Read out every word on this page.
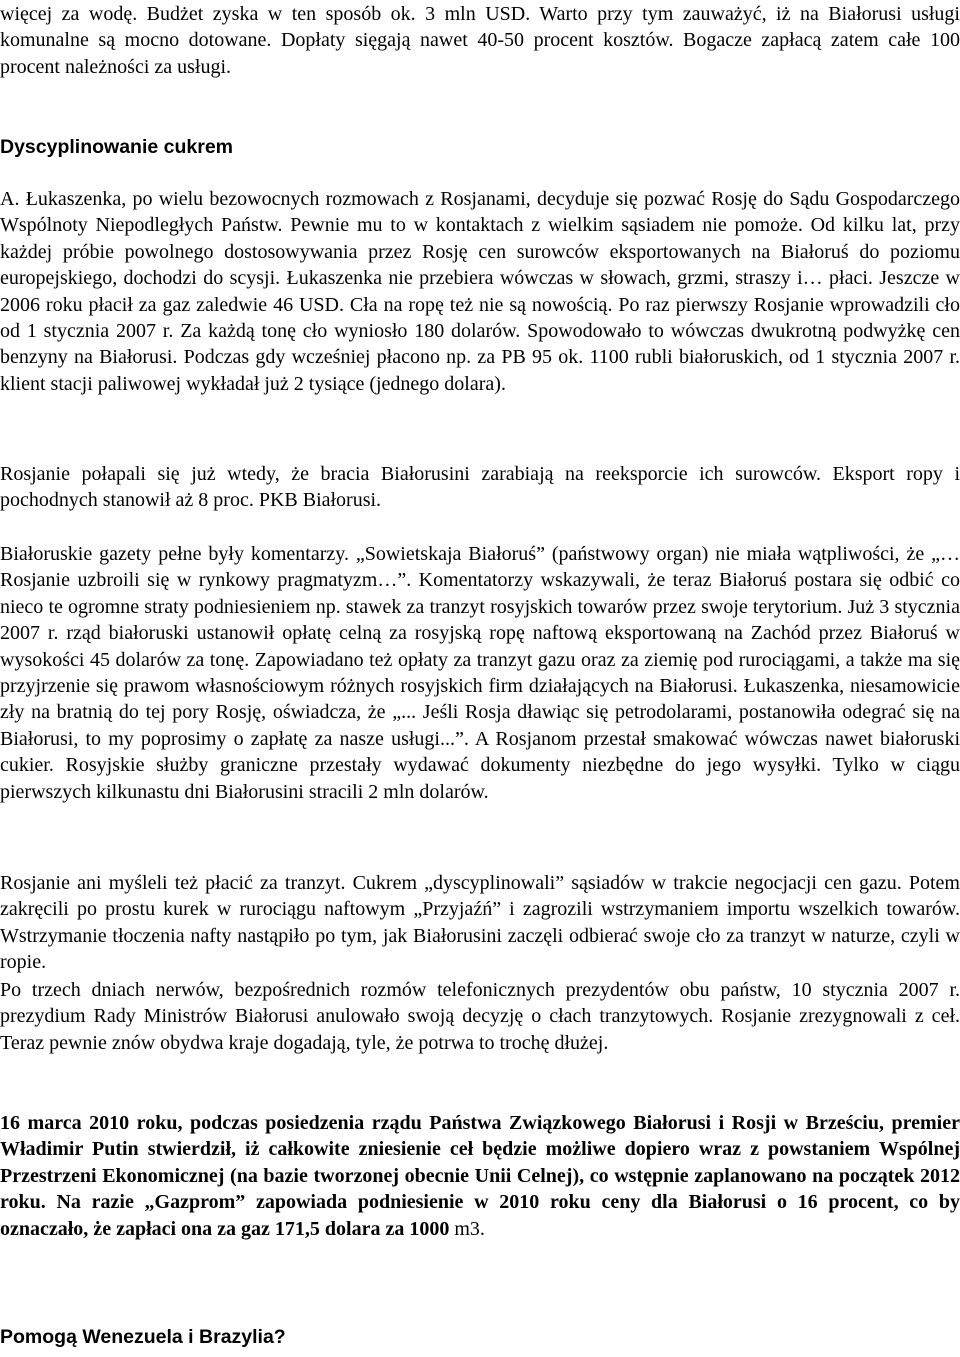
więcej za wodę. Budżet zyska w ten sposób ok. 3 mln USD. Warto przy tym zauważyć, iż na Białorusi usługi komunalne są mocno dotowane. Dopłaty sięgają nawet 40-50 procent kosztów. Bogacze zapłacą zatem całe 100 procent należności za usługi.

Dyscyplinowanie cukrem

A. Łukaszenka, po wielu bezowocnych rozmowach z Rosjanami, decyduje się pozwać Rosję do Sądu Gospodarczego Wspólnoty Niepodległych Państw. Pewnie mu to w kontaktach z wielkim sąsiadem nie pomoże. Od kilku lat, przy każdej próbie powolnego dostosowywania przez Rosję cen surowców eksportowanych na Białoruś do poziomu europejskiego, dochodzi do scysji. Łukaszenka nie przebiera wówczas w słowach, grzmi, straszy i… płaci. Jeszcze w 2006 roku płacił za gaz zaledwie 46 USD. Cła na ropę też nie są nowością. Po raz pierwszy Rosjanie wprowadzili cło od 1 stycznia 2007 r. Za każdą tonę cło wyniosło 180 dolarów. Spowodowało to wówczas dwukrotną podwyżkę cen benzyny na Białorusi. Podczas gdy wcześniej płacono np. za PB 95 ok. 1100 rubli białoruskich, od 1 stycznia 2007 r. klient stacji paliwowej wykładał już 2 tysiące (jednego dolara).

Rosjanie połapali się już wtedy, że bracia Białorusini zarabiają na reeksporcie ich surowców. Eksport ropy i pochodnych stanowił aż 8 proc. PKB Białorusi.

Białoruskie gazety pełne były komentarzy. „Sowietskaja Białoruś” (państwowy organ) nie miała wątpliwości, że „…Rosjanie uzbroili się w rynkowy pragmatyzm…”. Komentatorzy wskazywali, że teraz Białoruś postara się odbić co nieco te ogromne straty podniesieniem np. stawek za tranzyt rosyjskich towarów przez swoje terytorium. Już 3 stycznia 2007 r. rząd białoruski ustanowił opłatę celną za rosyjską ropę naftową eksportowaną na Zachód przez Białoruś w wysokości 45 dolarów za tonę. Zapowiadano też opłaty za tranzyt gazu oraz za ziemię pod rurociągami, a także ma się przyjrzenie się prawom własnościowym różnych rosyjskich firm działających na Białorusi. Łukaszenka, niesamowicie zły na bratnią do tej pory Rosję, oświadcza, że „... Jeśli Rosja dławiąc się petrodolarami, postanowiła odegrać się na Białorusi, to my poprosimy o zapłatę za nasze usługi...”. A Rosjanom przestał smakować wówczas nawet białoruski cukier. Rosyjskie służby graniczne przestały wydawać dokumenty niezbędne do jego wysyłki. Tylko w ciągu pierwszych kilkunastu dni Białorusini stracili 2 mln dolarów.

Rosjanie ani myśleli też płacić za tranzyt. Cukrem „dyscyplinowali” sąsiadów w trakcie negocjacji cen gazu. Potem zakręcili po prostu kurek w rurociągu naftowym „Przyjaźń” i zagrozili wstrzymaniem importu wszelkich towarów. Wstrzymanie tłoczenia nafty nastąpiło po tym, jak Białorusini zaczęli odbierać swoje cło za tranzyt w naturze, czyli w ropie.

Po trzech dniach nerwów, bezpośrednich rozmów telefonicznych prezydentów obu państw, 10 stycznia 2007 r. prezydium Rady Ministrów Białorusi anulowało swoją decyzję o cłach tranzytowych. Rosjanie zrezygnowali z ceł. Teraz pewnie znów obydwa kraje dogadają, tyle, że potrwa to trochę dłużej.

16 marca 2010 roku, podczas posiedzenia rządu Państwa Związkowego Białorusi i Rosji w Brześciu, premier Władimir Putin stwierdził, iż całkowite zniesienie ceł będzie możliwe dopiero wraz z powstaniem Wspólnej Przestrzeni Ekonomicznej (na bazie tworzonej obecnie Unii Celnej), co wstępnie zaplanowano na początek 2012 roku. Na razie „Gazprom” zapowiada podniesienie w 2010 roku ceny dla Białorusi o 16 procent, co by oznaczało, że zapłaci ona za gaz 171,5 dolara za 1000 m3.

Pomogą Wenezuela i Brazylia?
